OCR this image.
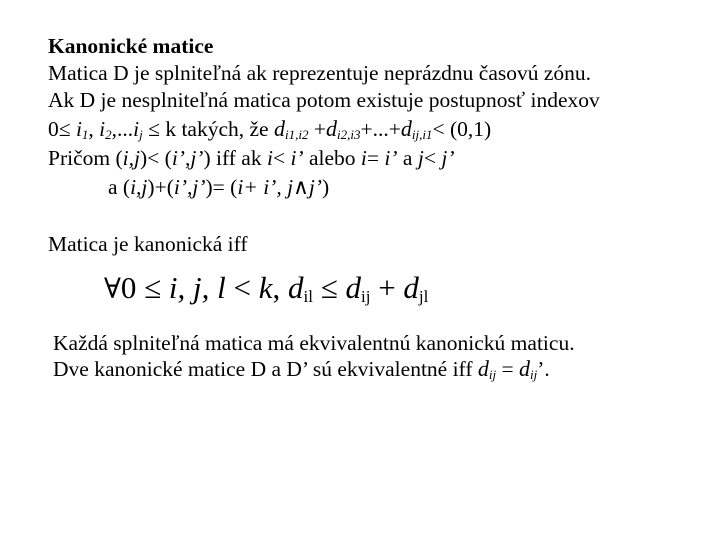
Kanonické matice
Matica D je splniteľná ak reprezentuje neprázdnu časovú zónu.
Ak D je nesplniteľná matica potom existuje postupnosť indexov
0≤ i1, i2,...ij ≤ k takých, že di1,i2 +di2,i3+...+dij,i1< (0,1)
Pričom (i,j)< (i’,j’) iff ak i< i’ alebo i= i’ a j< j’
a (i,j)+(i’,j’)= (i+ i’, j∧j’)
Matica je kanonická iff
∀0 ≤ i, j, l < k, dil ≤ dij + djl
Každá splniteľná matica má ekvivalentnú kanonickú maticu.
Dve kanonické matice D a D’ sú ekvivalentné iff dij = dij’.
